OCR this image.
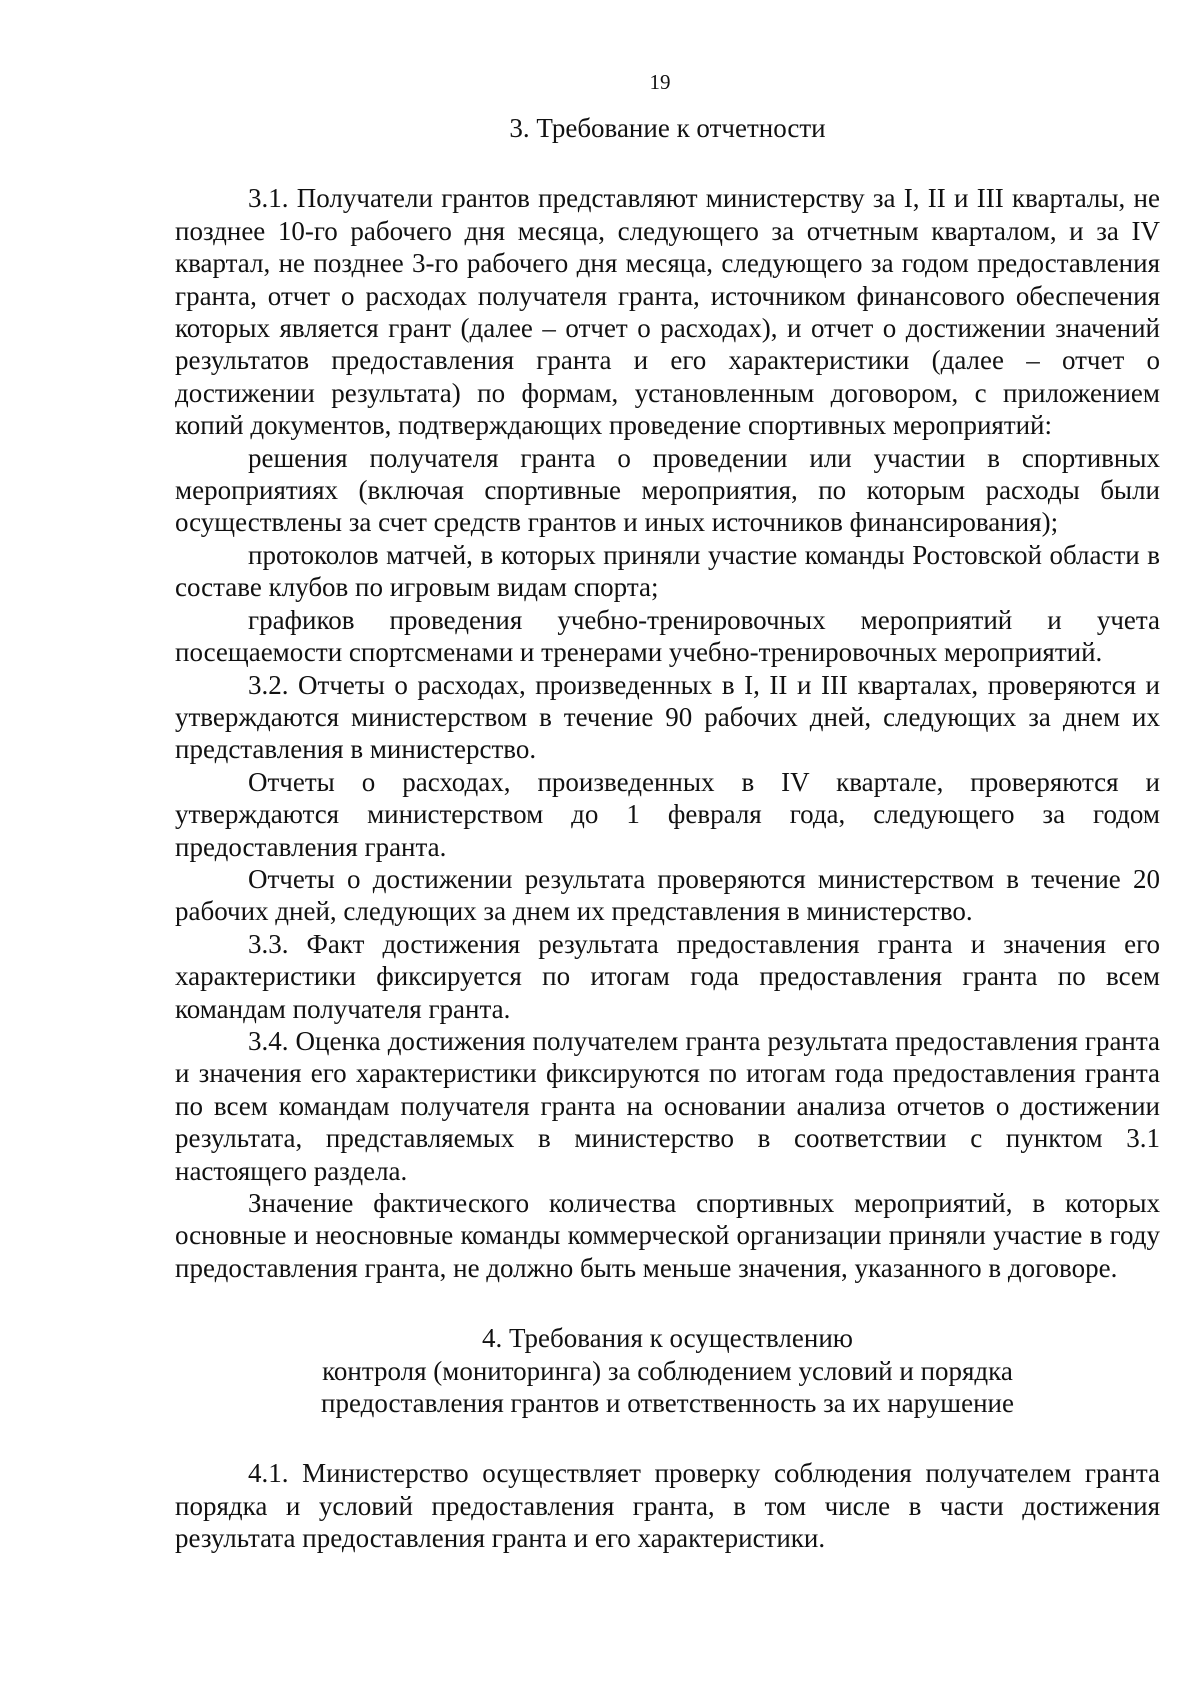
19
3. Требование к отчетности

3.1. Получатели грантов представляют министерству за I, II и III кварталы, не позднее 10-го рабочего дня месяца, следующего за отчетным кварталом, и за IV квартал, не позднее 3-го рабочего дня месяца, следующего за годом предоставления гранта, отчет о расходах получателя гранта, источником финансового обеспечения которых является грант (далее – отчет о расходах), и отчет о достижении значений результатов предоставления гранта и его характеристики (далее – отчет о достижении результата) по формам, установленным договором, с приложением копий документов, подтверждающих проведение спортивных мероприятий:

решения получателя гранта о проведении или участии в спортивных мероприятиях (включая спортивные мероприятия, по которым расходы были осуществлены за счет средств грантов и иных источников финансирования);

протоколов матчей, в которых приняли участие команды Ростовской области в составе клубов по игровым видам спорта;

графиков проведения учебно-тренировочных мероприятий и учета посещаемости спортсменами и тренерами учебно-тренировочных мероприятий.

3.2. Отчеты о расходах, произведенных в I, II и III кварталах, проверяются и утверждаются министерством в течение 90 рабочих дней, следующих за днем их представления в министерство.

Отчеты о расходах, произведенных в IV квартале, проверяются и утверждаются министерством до 1 февраля года, следующего за годом предоставления гранта.

Отчеты о достижении результата проверяются министерством в течение 20 рабочих дней, следующих за днем их представления в министерство.

3.3. Факт достижения результата предоставления гранта и значения его характеристики фиксируется по итогам года предоставления гранта по всем командам получателя гранта.

3.4. Оценка достижения получателем гранта результата предоставления гранта и значения его характеристики фиксируются по итогам года предоставления гранта по всем командам получателя гранта на основании анализа отчетов о достижении результата, представляемых в министерство в соответствии с пунктом 3.1 настоящего раздела.

Значение фактического количества спортивных мероприятий, в которых основные и неосновные команды коммерческой организации приняли участие в году предоставления гранта, не должно быть меньше значения, указанного в договоре.

4. Требования к осуществлению
контроля (мониторинга) за соблюдением условий и порядка
предоставления грантов и ответственность за их нарушение

4.1. Министерство осуществляет проверку соблюдения получателем гранта порядка и условий предоставления гранта, в том числе в части достижения результата предоставления гранта и его характеристики.
